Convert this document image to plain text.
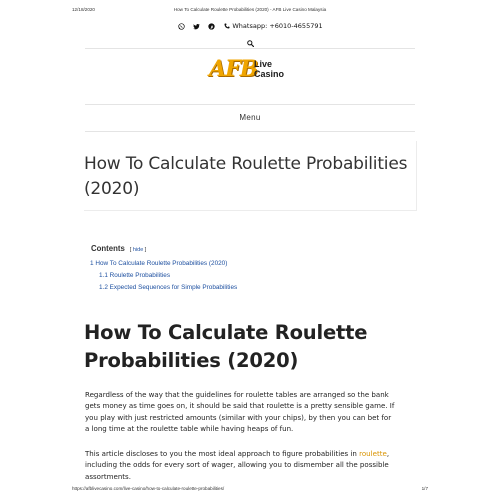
12/18/2020	How To Calculate Roulette Probabilities (2020) - AFB Live Casino Malaysia
Whatsapp: +6010-4655791
AFB
Live
Casino
Menu
How To Calculate Roulette Probabilities
(2020)
Contents [ hide ]
1 How To Calculate Roulette Probabilities (2020)
1.1 Roulette Probabilities
1.2 Expected Sequences for Simple Probabilities
How To Calculate Roulette
Probabilities (2020)
Regardless of the way that the guidelines for roulette tables are arranged so the bank
gets money as time goes on, it should be said that roulette is a pretty sensible game. If
you play with just restricted amounts (similar with your chips), by then you can bet for
a long time at the roulette table while having heaps of fun.
This article discloses to you the most ideal approach to figure probabilities in roulette,
including the odds for every sort of wager, allowing you to dismember all the possible
assortments.
https://afblivecasino.com/live-casino/how-to-calculate-roulette-probabilities/	1/7
